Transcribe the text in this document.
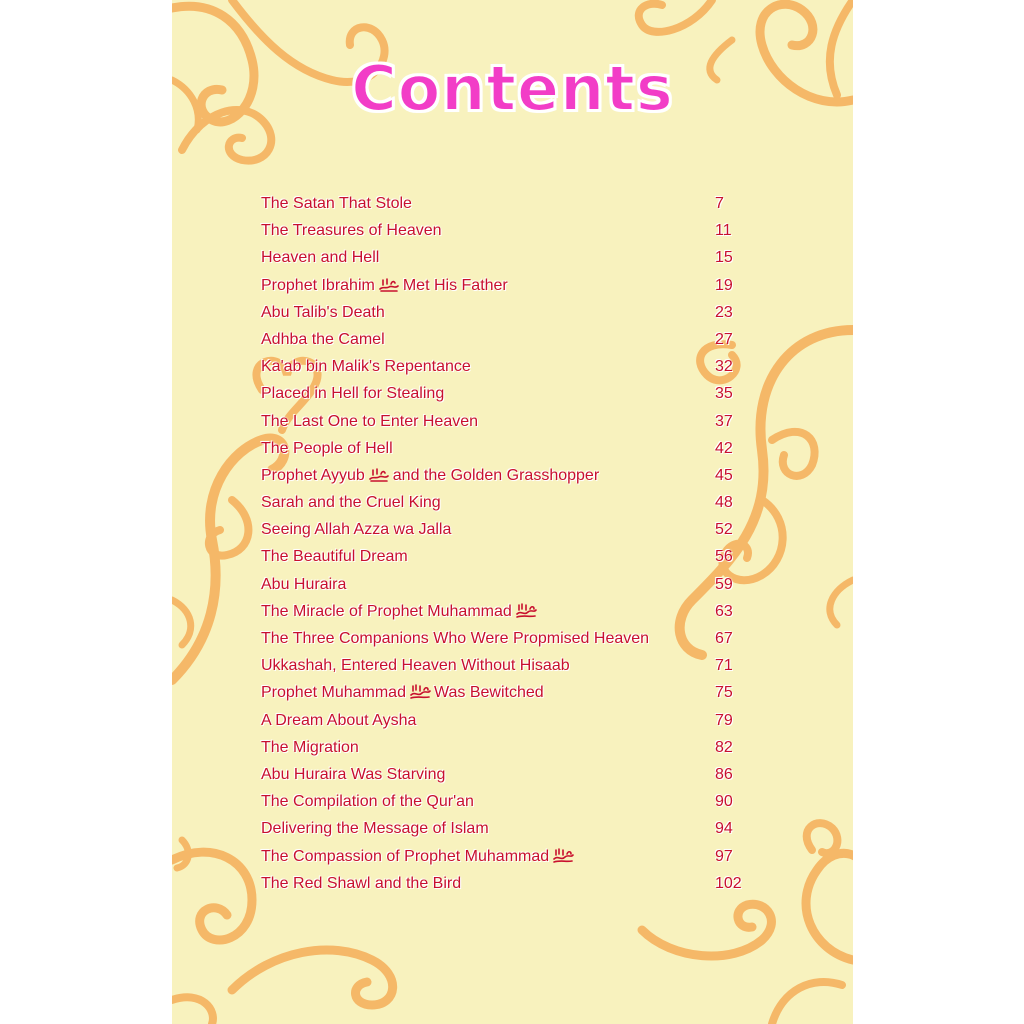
Contents
The Satan That Stole	7
The Treasures of Heaven	11
Heaven and Hell	15
Prophet Ibrahim Met His Father	19
Abu Talib's Death	23
Adhba the Camel	27
Ka'ab bin Malik's Repentance	32
Placed in Hell for Stealing	35
The Last One to Enter Heaven	37
The People of Hell	42
Prophet Ayyub and the Golden Grasshopper	45
Sarah and the Cruel King	48
Seeing Allah Azza wa Jalla	52
The Beautiful Dream	56
Abu Huraira	59
The Miracle of Prophet Muhammad	63
The Three Companions Who Were Propmised Heaven	67
Ukkashah, Entered Heaven Without Hisaab	71
Prophet Muhammad Was Bewitched	75
A Dream About Aysha	79
The Migration	82
Abu Huraira Was Starving	86
The Compilation of the Qur'an	90
Delivering the Message of Islam	94
The Compassion of Prophet Muhammad	97
The Red Shawl and the Bird	102
